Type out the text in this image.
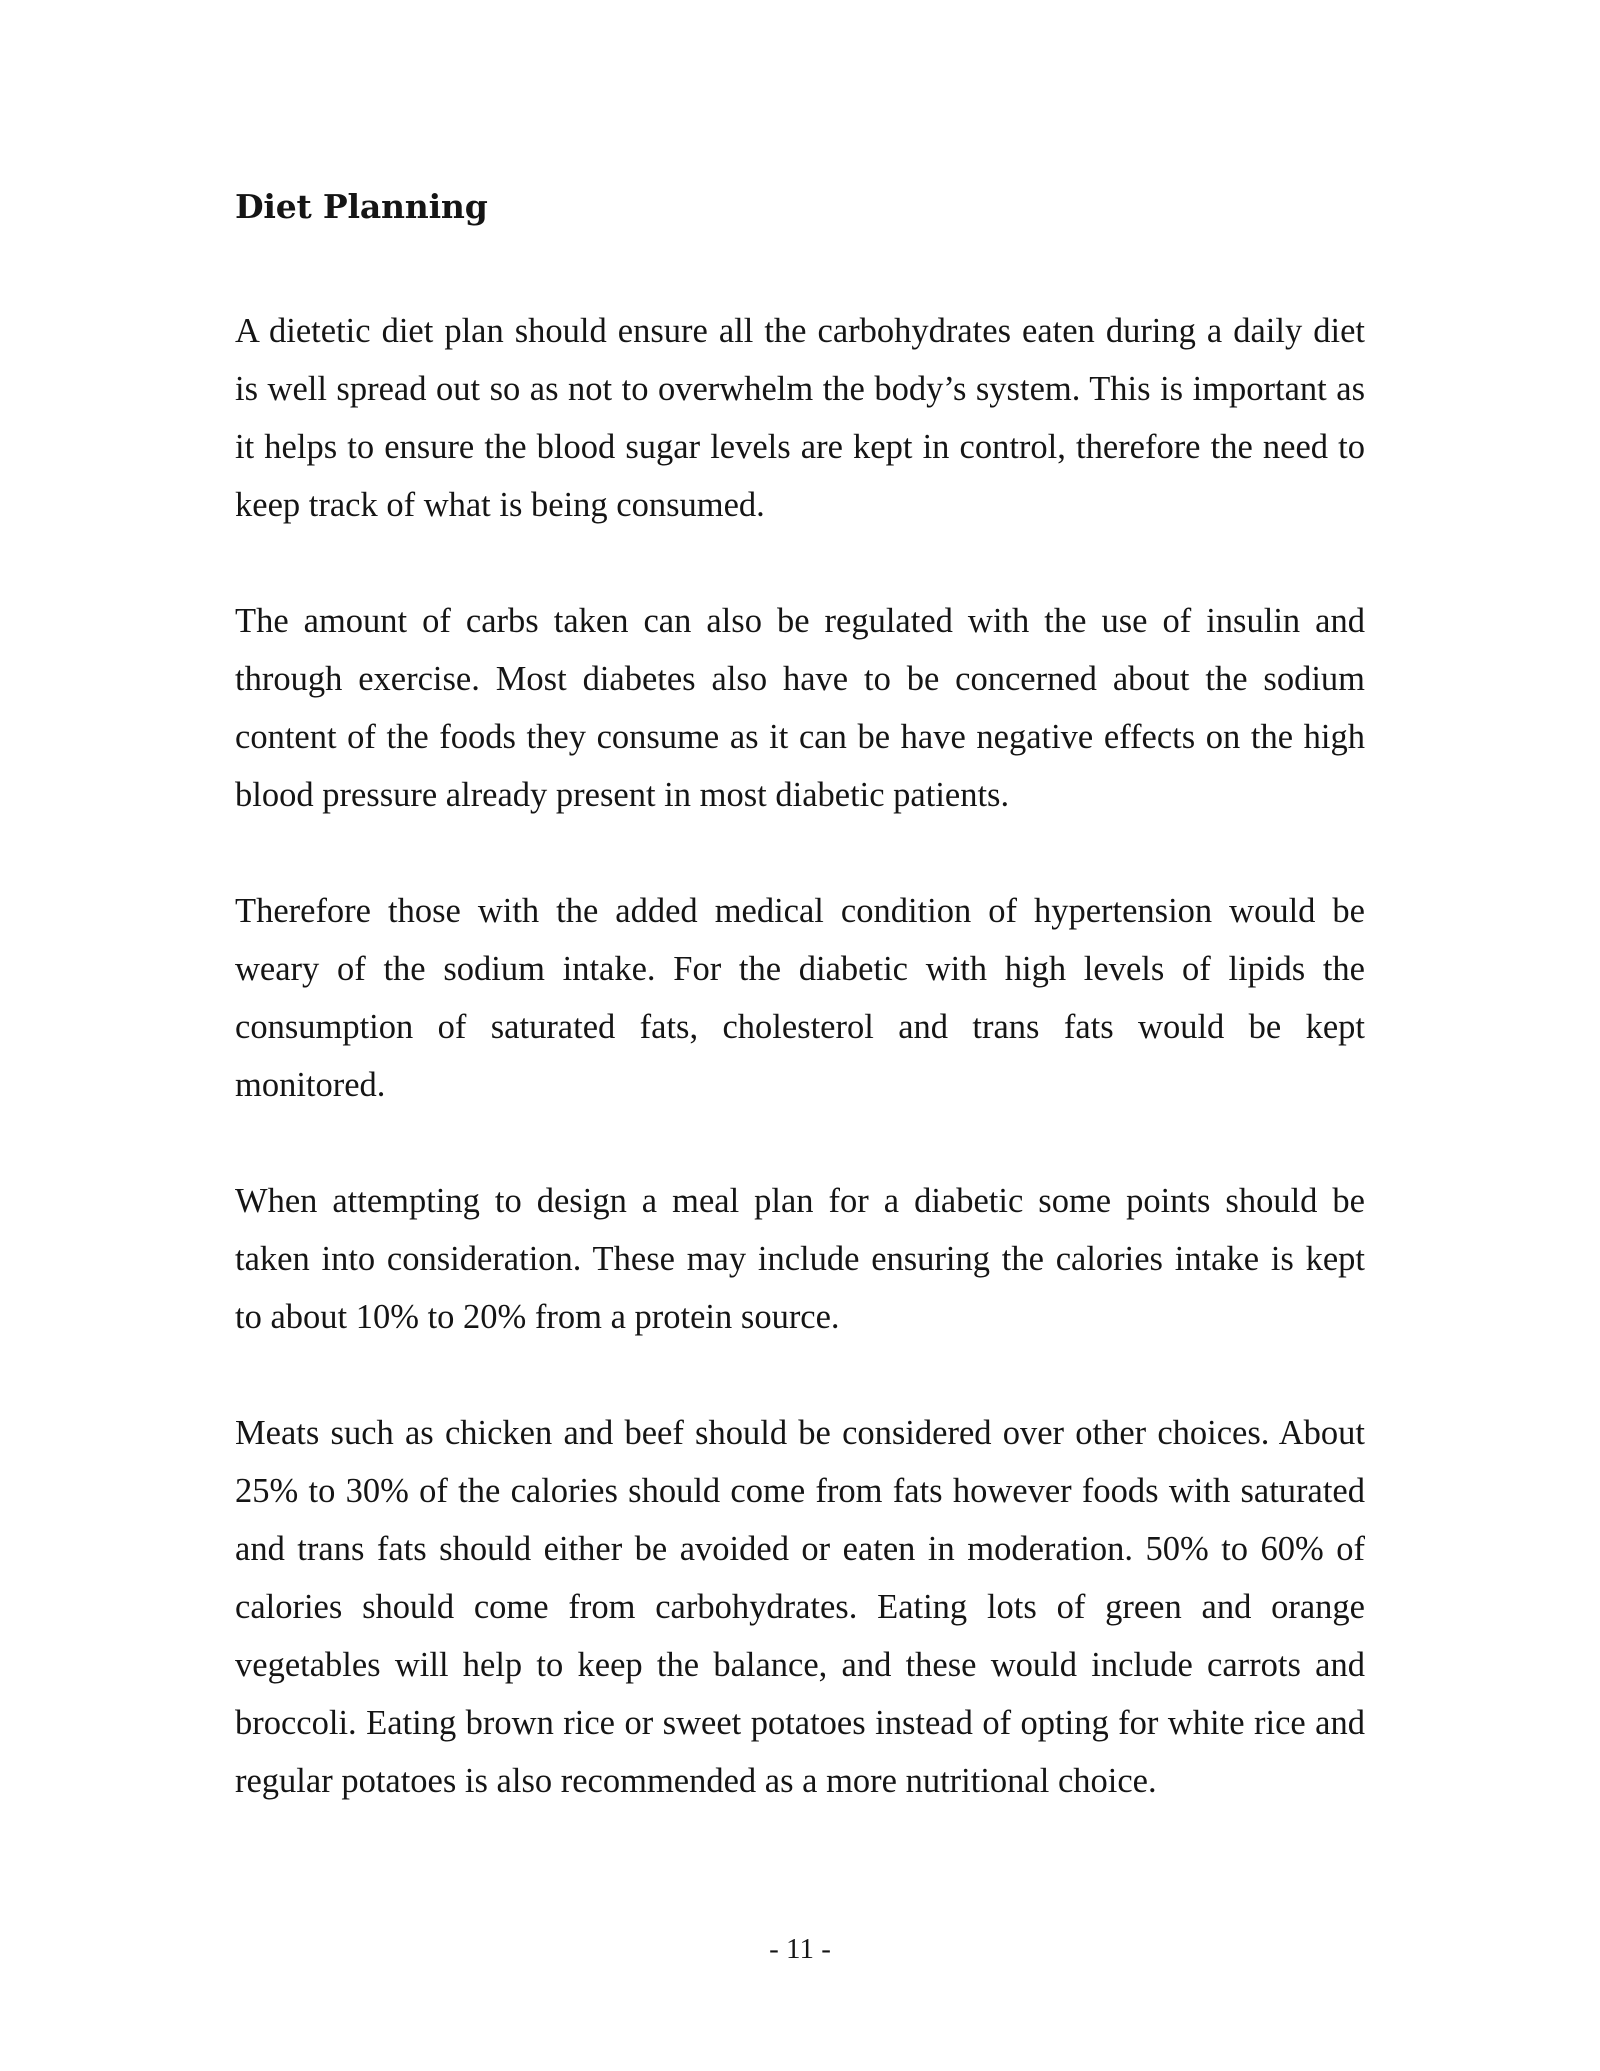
Diet Planning

A dietetic diet plan should ensure all the carbohydrates eaten during a daily diet is well spread out so as not to overwhelm the body’s system. This is important as it helps to ensure the blood sugar levels are kept in control, therefore the need to keep track of what is being consumed.

The amount of carbs taken can also be regulated with the use of insulin and through exercise. Most diabetes also have to be concerned about the sodium content of the foods they consume as it can be have negative effects on the high blood pressure already present in most diabetic patients.

Therefore those with the added medical condition of hypertension would be weary of the sodium intake. For the diabetic with high levels of lipids the consumption of saturated fats, cholesterol and trans fats would be kept monitored.

When attempting to design a meal plan for a diabetic some points should be taken into consideration. These may include ensuring the calories intake is kept to about 10% to 20% from a protein source.

Meats such as chicken and beef should be considered over other choices. About 25% to 30% of the calories should come from fats however foods with saturated and trans fats should either be avoided or eaten in moderation. 50% to 60% of calories should come from carbohydrates. Eating lots of green and orange vegetables will help to keep the balance, and these would include carrots and broccoli. Eating brown rice or sweet potatoes instead of opting for white rice and regular potatoes is also recommended as a more nutritional choice.

- 11 -
